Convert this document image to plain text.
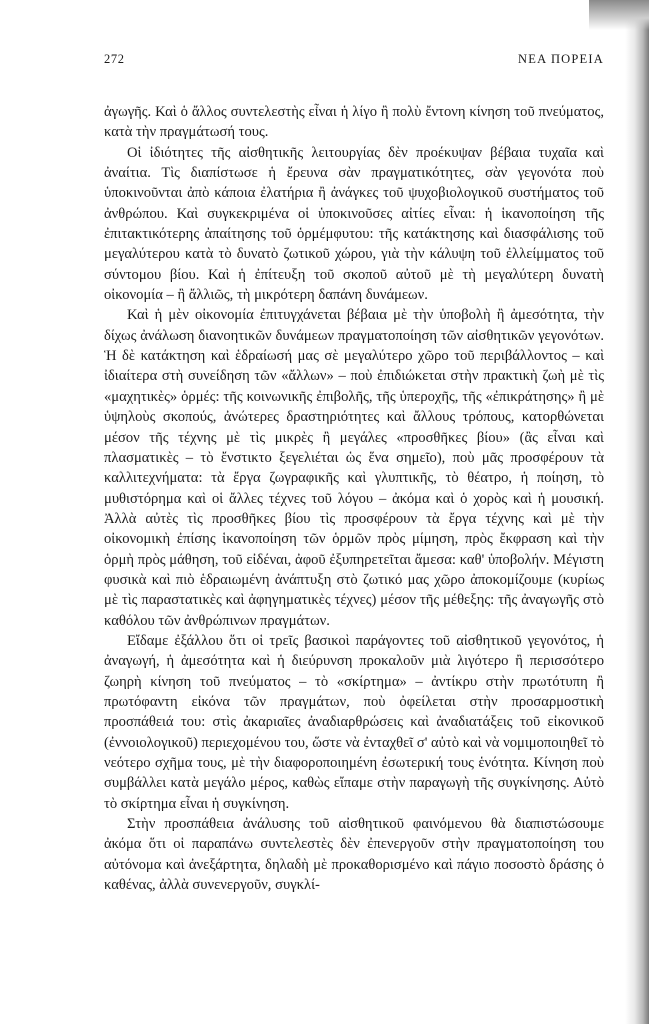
272	ΝΕΑ ΠΟΡΕΙΑ

ἀγωγῆς. Καὶ ὁ ἄλλος συντελεστὴς εἶναι ἡ λίγο ἢ πολὺ ἔντονη κίνηση τοῦ πνεύματος, κατὰ τὴν πραγμάτωσή τους.

Οἱ ἰδιότητες τῆς αἰσθητικῆς λειτουργίας δὲν προέκυψαν βέβαια τυχαῖα καὶ ἀναίτια. Τὶς διαπίστωσε ἡ ἔρευνα σὰν πραγματικότητες, σὰν γεγονότα ποὺ ὑποκινοῦνται ἀπὸ κάποια ἐλατήρια ἢ ἀνάγκες τοῦ ψυχοβιολογικοῦ συστήματος τοῦ ἀνθρώπου. Καὶ συγκεκριμένα οἱ ὑποκινοῦσες αἰτίες εἶναι: ἡ ἱκανοποίηση τῆς ἐπιτακτικότερης ἀπαίτησης τοῦ ὁρμέμφυτου: τῆς κατάκτησης καὶ διασφάλισης τοῦ μεγαλύτερου κατὰ τὸ δυνατὸ ζωτικοῦ χώρου, γιὰ τὴν κάλυψη τοῦ ἐλλείμματος τοῦ σύντομου βίου. Καὶ ἡ ἐπίτευξη τοῦ σκοποῦ αὐτοῦ μὲ τὴ μεγαλύτερη δυνατὴ οἰκονομία – ἢ ἄλλιῶς, τὴ μικρότερη δαπάνη δυνάμεων.

Καὶ ἡ μὲν οἰκονομία ἐπιτυγχάνεται βέβαια μὲ τὴν ὑποβολὴ ἢ ἀμεσότητα, τὴν δίχως ἀνάλωση διανοητικῶν δυνάμεων πραγματοποίηση τῶν αἰσθητικῶν γεγονότων. Ἡ δὲ κατάκτηση καὶ ἑδραίωσή μας σὲ μεγαλύτερο χῶρο τοῦ περιβάλλοντος – καὶ ἰδιαίτερα στὴ συνείδηση τῶν «ἄλλων» – ποὺ ἐπιδιώκεται στὴν πρακτικὴ ζωὴ μὲ τὶς «μαχητικὲς» ὁρμές: τῆς κοινωνικῆς ἐπιβολῆς, τῆς ὑπεροχῆς, τῆς «ἐπικράτησης» ἢ μὲ ὑψηλοὺς σκοπούς, ἀνώτερες δραστηριότητες καὶ ἄλλους τρόπους, κατορθώνεται μέσον τῆς τέχνης μὲ τὶς μικρὲς ἢ μεγάλες «προσθῆκες βίου» (ἂς εἶναι καὶ πλασματικὲς – τὸ ἔνστικτο ξεγελιέται ὡς ἕνα σημεῖο), ποὺ μᾶς προσφέρουν τὰ καλλιτεχνήματα: τὰ ἔργα ζωγραφικῆς καὶ γλυπτικῆς, τὸ θέατρο, ἡ ποίηση, τὸ μυθιστόρημα καὶ οἱ ἄλλες τέχνες τοῦ λόγου – ἀκόμα καὶ ὁ χορὸς καὶ ἡ μουσική. Ἀλλὰ αὐτὲς τὶς προσθῆκες βίου τὶς προσφέρουν τὰ ἔργα τέχνης καὶ μὲ τὴν οἰκονομικὴ ἐπίσης ἱκανοποίηση τῶν ὁρμῶν πρὸς μίμηση, πρὸς ἔκφραση καὶ τὴν ὁρμὴ πρὸς μάθηση, τοῦ εἰδέναι, ἀφοῦ ἐξυπηρετεῖται ἄμεσα: καθ' ὑποβολήν. Μέγιστη φυσικὰ καὶ πιὸ ἑδραιωμένη ἀνάπτυξη στὸ ζωτικό μας χῶρο ἀποκομίζουμε (κυρίως μὲ τὶς παραστατικὲς καὶ ἀφηγηματικὲς τέχνες) μέσον τῆς μέθεξης: τῆς ἀναγωγῆς στὸ καθόλου τῶν ἀνθρώπινων πραγμάτων.

Εἴδαμε ἐξάλλου ὅτι οἱ τρεῖς βασικοὶ παράγοντες τοῦ αἰσθητικοῦ γεγονότος, ἡ ἀναγωγή, ἡ ἀμεσότητα καὶ ἡ διεύρυνση προκαλοῦν μιὰ λιγότερο ἢ περισσότερο ζωηρὴ κίνηση τοῦ πνεύματος – τὸ «σκίρτημα» – ἀντίκρυ στὴν πρωτότυπη ἢ πρωτόφαντη εἰκόνα τῶν πραγμάτων, ποὺ ὀφείλεται στὴν προσαρμοστικὴ προσπάθειά του: στὶς ἀκαριαῖες ἀναδιαρθρώσεις καὶ ἀναδιατάξεις τοῦ εἰκονικοῦ (ἐννοιολογικοῦ) περιεχομένου του, ὥστε νὰ ἐνταχθεῖ σ' αὐτὸ καὶ νὰ νομιμοποιηθεῖ τὸ νεότερο σχῆμα τους, μὲ τὴν διαφοροποιημένη ἐσωτερική τους ἑνότητα. Κίνηση ποὺ συμβάλλει κατὰ μεγάλο μέρος, καθὼς εἴπαμε στὴν παραγωγὴ τῆς συγκίνησης. Αὐτὸ τὸ σκίρτημα εἶναι ἡ συγκίνηση.

Στὴν προσπάθεια ἀνάλυσης τοῦ αἰσθητικοῦ φαινόμενου θὰ διαπιστώσουμε ἀκόμα ὅτι οἱ παραπάνω συντελεστὲς δὲν ἐπενεργοῦν στὴν πραγματοποίηση του αὐτόνομα καὶ ἀνεξάρτητα, δηλαδὴ μὲ προκαθορισμένο καὶ πάγιο ποσοστὸ δράσης ὁ καθένας, ἀλλὰ συνενεργοῦν, συγκλί-
